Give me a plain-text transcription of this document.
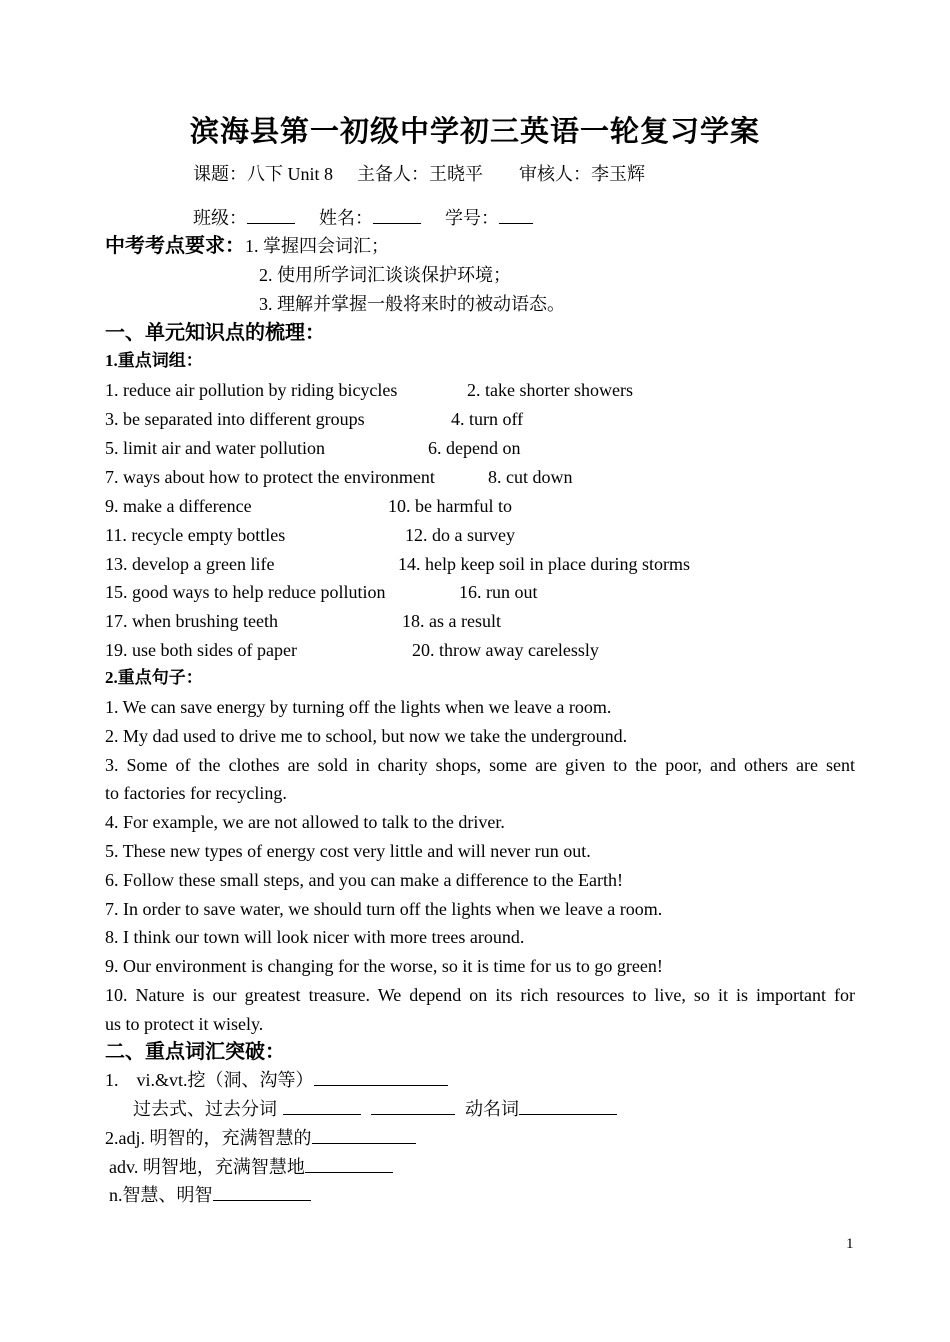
滨海县第一初级中学初三英语一轮复习学案
课题：八下 Unit 8 主备人：王晓平 审核人：李玉辉
班级：	姓名：	学号：
中考考点要求：1. 掌握四会词汇；
2. 使用所学词汇谈谈保护环境；
3. 理解并掌握一般将来时的被动语态。
一、单元知识点的梳理：
1.重点词组：
1. reduce air pollution by riding bicycles	2. take shorter showers
3. be separated into different groups	4. turn off
5. limit air and water pollution	6. depend on
7. ways about how to protect the environment	8. cut down
9. make a difference	10. be harmful to
11. recycle empty bottles	12. do a survey
13. develop a green life	14. help keep soil in place during storms
15. good ways to help reduce pollution	16. run out
17. when brushing teeth	18. as a result
19. use both sides of paper	20. throw away carelessly
2.重点句子：
1. We can save energy by turning off the lights when we leave a room.
2. My dad used to drive me to school, but now we take the underground.
3. Some of the clothes are sold in charity shops, some are given to the poor, and others are sent
to factories for recycling.
4. For example, we are not allowed to talk to the driver.
5. These new types of energy cost very little and will never run out.
6. Follow these small steps, and you can make a difference to the Earth!
7. In order to save water, we should turn off the lights when we leave a room.
8. I think our town will look nicer with more trees around.
9. Our environment is changing for the worse, so it is time for us to go green!
10. Nature is our greatest treasure. We depend on its rich resources to live, so it is important for
us to protect it wisely.
二、重点词汇突破：
1.    vi.&vt.挖（洞、沟等）
过去式、过去分词	动名词
2.adj. 明智的，充满智慧的
adv. 明智地，充满智慧地
n.智慧、明智
1
